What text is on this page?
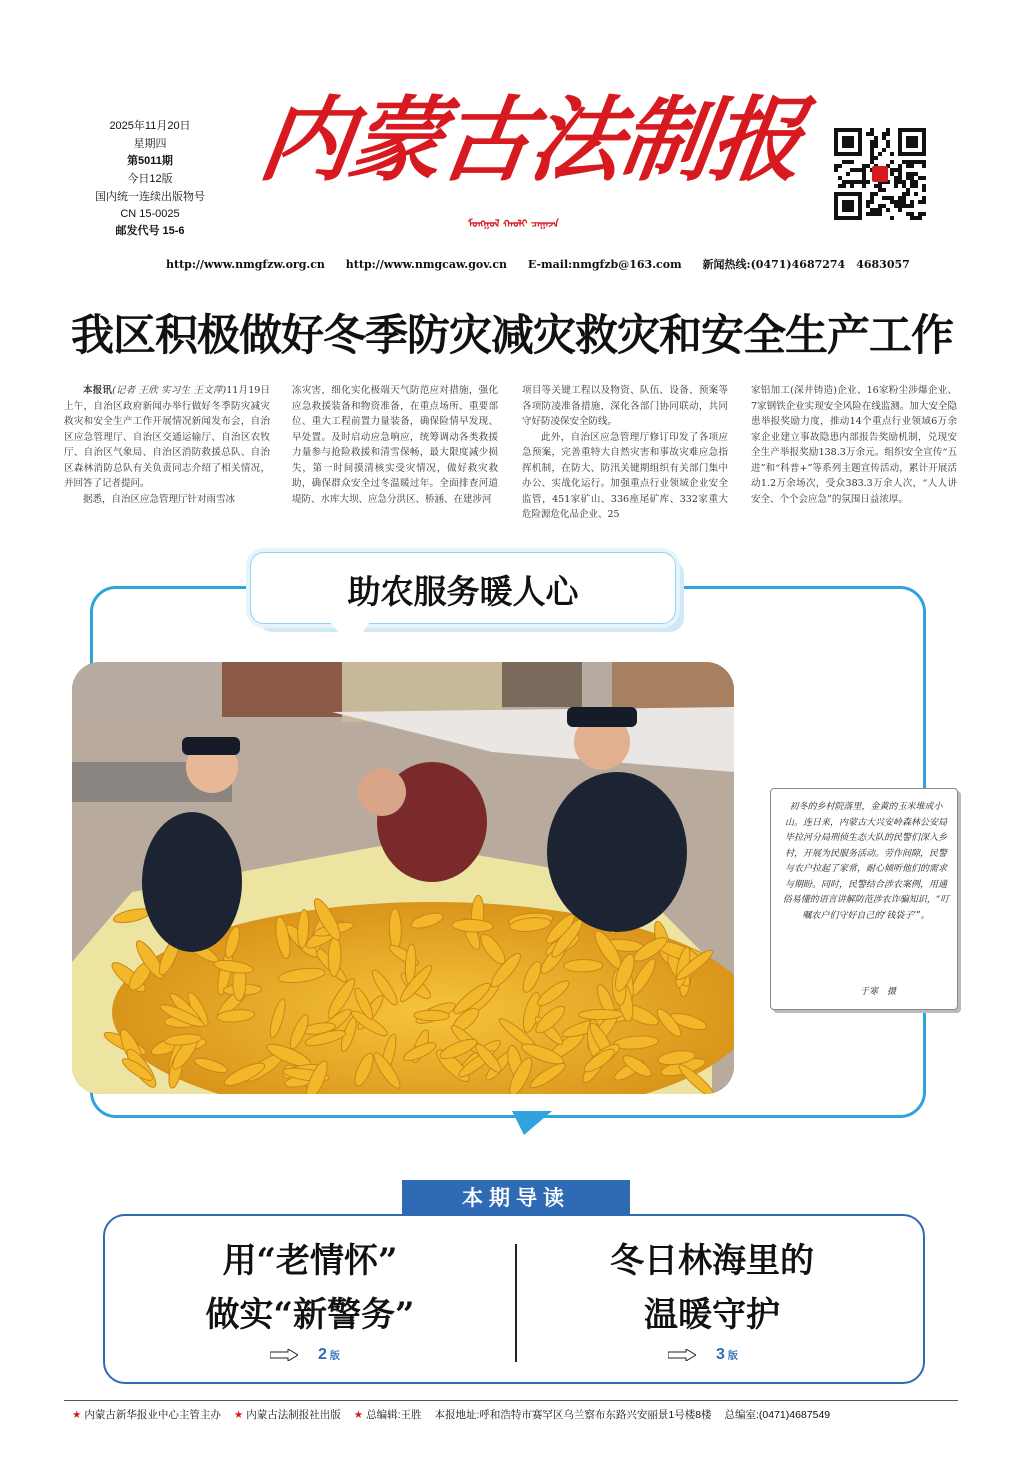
2025年11月20日
星期四
第5011期
今日12版
国内统一连续出版物号
CN 15-0025
邮发代号 15-6
内蒙古法制报
ᠮᠣᠩᠭᠣᠯ ᠬᠠᠤᠯᠢ ᠴᠠᠭᠠᠵᠠ
http://www.nmgfzw.org.cn http://www.nmgcaw.gov.cn E-mail:nmgfzb@163.com 新闻热线:(0471)4687274　4683057
我区积极做好冬季防灾减灾救灾和安全生产工作

本报讯(记者 王欣 实习生 王文萍)11月19日上午，自治区政府新闻办举行做好冬季防灾减灾救灾和安全生产工作开展情况新闻发布会，自治区应急管理厅、自治区交通运输厅、自治区农牧厅、自治区气象局、自治区消防救援总队、自治区森林消防总队有关负责同志介绍了相关情况，并回答了记者提问。

据悉，自治区应急管理厅针对雨雪冰

冻灾害，细化实化极端天气防范应对措施，强化应急救援装备和物资准备，在重点场所、重要部位、重大工程前置力量装备，确保险情早发现、早处置。及时启动应急响应，统筹调动各类救援力量参与抢险救援和清雪保畅，最大限度减少损失，第一时间摸清核实受灾情况，做好救灾救助，确保群众安全过冬温暖过年。全面排查河道堤防、水库大坝、应急分洪区、桥涵、在建涉河

项目等关键工程以及物资、队伍、设备、预案等各项防凌准备措施，深化各部门协同联动，共同守好防凌保安全防线。

此外，自治区应急管理厅修订印发了各项应急预案，完善重特大自然灾害和事故灾难应急指挥机制，在防大、防汛关键期组织有关部门集中办公、实战化运行。加强重点行业领域企业安全监管，451家矿山、336座尾矿库、332家重大危险源危化品企业、25

家铝加工(深井铸造)企业、16家粉尘涉爆企业、7家钢铁企业实现安全风险在线监测。加大安全隐患举报奖励力度，推动14个重点行业领域6万余家企业建立事故隐患内部报告奖励机制，兑现安全生产举报奖励138.3万余元。组织安全宣传“五进”和“科普+”等系列主题宣传活动，累计开展活动1.2万余场次，受众383.3万余人次，“人人讲安全、个个会应急”的氛围日益浓厚。

助农服务暖人心
初冬的乡村院落里，金黄的玉米堆成小山。连日来，内蒙古大兴安岭森林公安局毕拉河分局刑侦生态大队的民警们深入乡村，开展为民服务活动。劳作间隙，民警与农户拉起了家常，耐心倾听他们的需求与期盼。同时，民警结合涉农案例，用通俗易懂的语言讲解防范涉农诈骗知识，“叮嘱农户们守好自己的‘钱袋子’”。
于寒　摄
本期导读
用“老情怀”
做实“新警务”
冬日林海里的
温暖守护
2 版	3 版
★ 内蒙古新华报业中心主管主办 ★ 内蒙古法制报社出版 ★ 总编辑:王胜 本报地址:呼和浩特市赛罕区乌兰察布东路兴安丽景1号楼8楼 总编室:(0471)4687549
